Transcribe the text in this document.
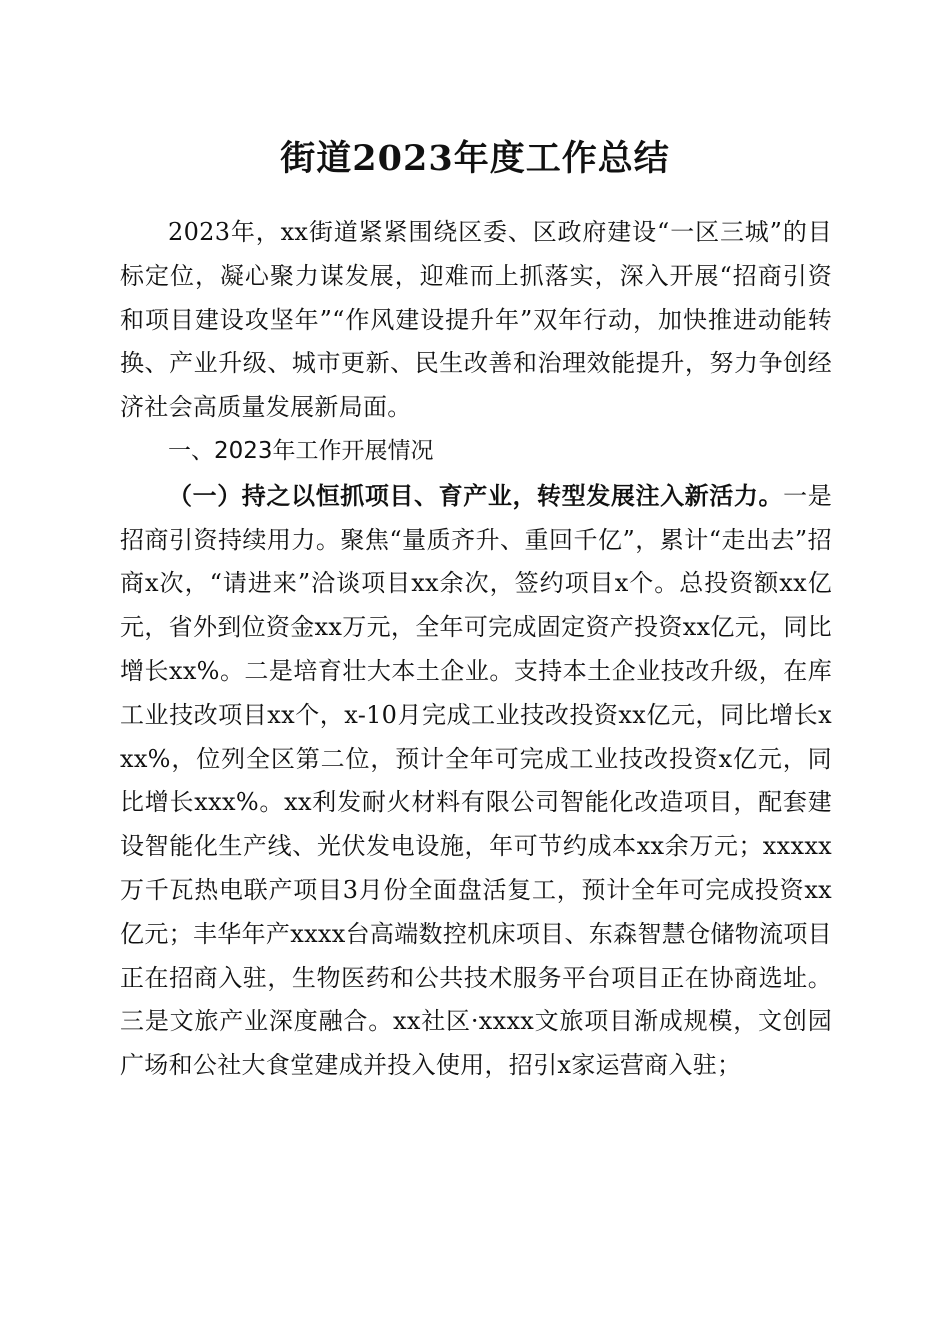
街道2023年度工作总结

2023年，xx街道紧紧围绕区委、区政府建设“一区三城”的目标定位，凝心聚力谋发展，迎难而上抓落实，深入开展“招商引资和项目建设攻坚年”“作风建设提升年”双年行动，加快推进动能转换、产业升级、城市更新、民生改善和治理效能提升，努力争创经济社会高质量发展新局面。

一、2023年工作开展情况

（一）持之以恒抓项目、育产业，转型发展注入新活力。一是招商引资持续用力。聚焦“量质齐升、重回千亿”，累计“走出去”招商x次，“请进来”洽谈项目xx余次，签约项目x个。总投资额xx亿元，省外到位资金xx万元，全年可完成固定资产投资xx亿元，同比增长xx%。二是培育壮大本土企业。支持本土企业技改升级，在库工业技改项目xx个，x-10月完成工业技改投资xx亿元，同比增长xxx%，位列全区第二位，预计全年可完成工业技改投资x亿元，同比增长xxx%。xx利发耐火材料有限公司智能化改造项目，配套建设智能化生产线、光伏发电设施，年可节约成本xx余万元；xxxxx万千瓦热电联产项目3月份全面盘活复工，预计全年可完成投资xx亿元；丰华年产xxxx台高端数控机床项目、东森智慧仓储物流项目正在招商入驻，生物医药和公共技术服务平台项目正在协商选址。三是文旅产业深度融合。xx社区·xxxx文旅项目渐成规模，文创园广场和公社大食堂建成并投入使用，招引x家运营商入驻；
